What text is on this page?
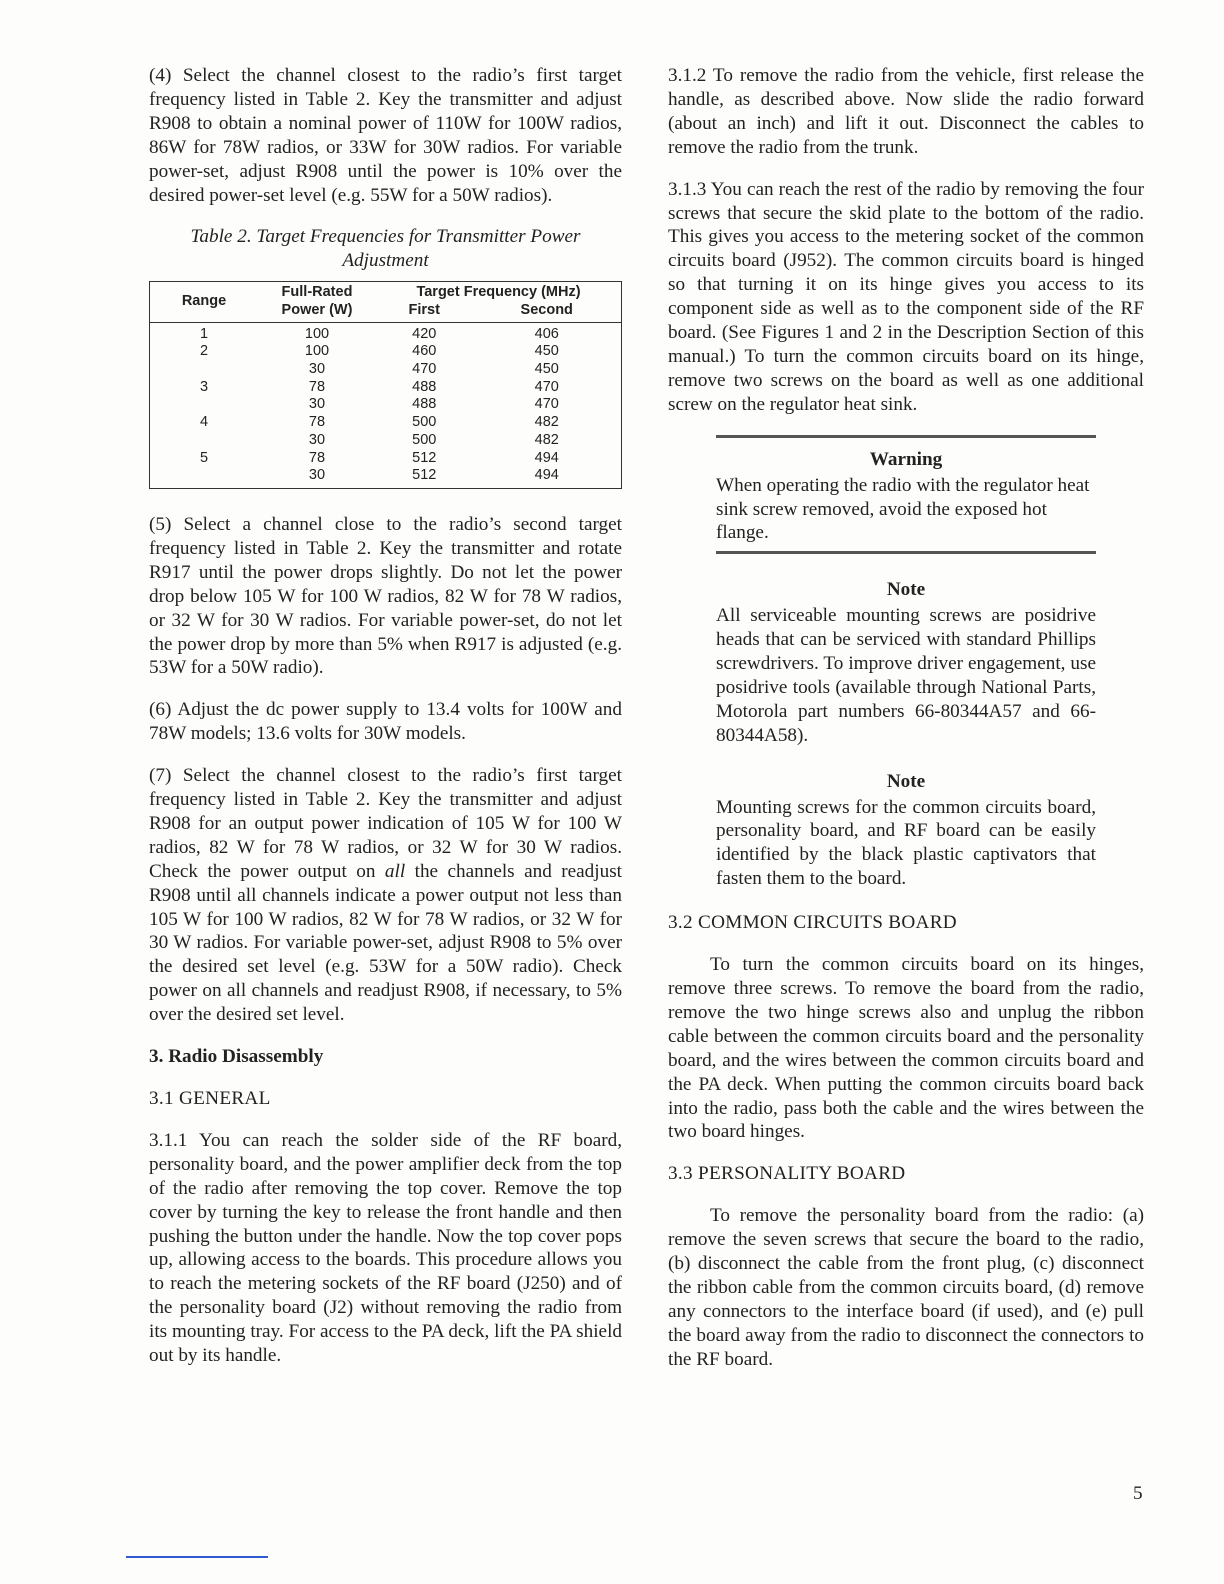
(4) Select the channel closest to the radio’s first target frequency listed in Table 2. Key the transmitter and adjust R908 to obtain a nominal power of 110W for 100W radios, 86W for 78W radios, or 33W for 30W radios. For variable power-set, adjust R908 until the power is 10% over the desired power-set level (e.g. 55W for a 50W radios).

Table 2. Target Frequencies for Transmitter Power
Adjustment
Range	Full-Rated Power (W)	Target Frequency (MHz)	
		First	Second
1	100	420	406
2	100	460	450
	30	470	450
3	78	488	470
	30	488	470
4	78	500	482
	30	500	482
5	78	512	494
	30	512	494

(5) Select a channel close to the radio’s second target frequency listed in Table 2. Key the transmitter and rotate R917 until the power drops slightly. Do not let the power drop below 105 W for 100 W radios, 82 W for 78 W radios, or 32 W for 30 W radios. For variable power-set, do not let the power drop by more than 5% when R917 is adjusted (e.g. 53W for a 50W radio).

(6) Adjust the dc power supply to 13.4 volts for 100W and 78W models; 13.6 volts for 30W models.

(7) Select the channel closest to the radio’s first target frequency listed in Table 2. Key the transmitter and adjust R908 for an output power indication of 105 W for 100 W radios, 82 W for 78 W radios, or 32 W for 30 W radios. Check the power output on all the channels and readjust R908 until all channels indicate a power output not less than 105 W for 100 W radios, 82 W for 78 W radios, or 32 W for 30 W radios. For variable power-set, adjust R908 to 5% over the desired set level (e.g. 53W for a 50W radio). Check power on all channels and readjust R908, if necessary, to 5% over the desired set level.

3. Radio Disassembly

3.1 GENERAL

3.1.1 You can reach the solder side of the RF board, personality board, and the power amplifier deck from the top of the radio after removing the top cover. Remove the top cover by turning the key to release the front handle and then pushing the button under the handle. Now the top cover pops up, allowing access to the boards. This procedure allows you to reach the metering sockets of the RF board (J250) and of the personality board (J2) without removing the radio from its mounting tray. For access to the PA deck, lift the PA shield out by its handle.

3.1.2 To remove the radio from the vehicle, first release the handle, as described above. Now slide the radio forward (about an inch) and lift it out. Disconnect the cables to remove the radio from the trunk.

3.1.3 You can reach the rest of the radio by removing the four screws that secure the skid plate to the bottom of the radio. This gives you access to the metering socket of the common circuits board (J952). The common circuits board is hinged so that turning it on its hinge gives you access to its component side as well as to the component side of the RF board. (See Figures 1 and 2 in the Description Section of this manual.) To turn the common circuits board on its hinge, remove two screws on the board as well as one additional screw on the regulator heat sink.

Warning
When operating the radio with the regulator heat sink screw removed, avoid the exposed hot flange.
Note
All serviceable mounting screws are posidrive heads that can be serviced with standard Phillips screwdrivers. To improve driver engagement, use posidrive tools (available through National Parts, Motorola part numbers 66-80344A57 and 66-80344A58).
Note
Mounting screws for the common circuits board, personality board, and RF board can be easily identified by the black plastic captivators that fasten them to the board.

3.2 COMMON CIRCUITS BOARD

To turn the common circuits board on its hinges, remove three screws. To remove the board from the radio, remove the two hinge screws also and unplug the ribbon cable between the common circuits board and the personality board, and the wires between the common circuits board and the PA deck. When putting the common circuits board back into the radio, pass both the cable and the wires between the two board hinges.

3.3 PERSONALITY BOARD

To remove the personality board from the radio: (a) remove the seven screws that secure the board to the radio, (b) disconnect the cable from the front plug, (c) disconnect the ribbon cable from the common circuits board, (d) remove any connectors to the interface board (if used), and (e) pull the board away from the radio to disconnect the connectors to the RF board.

5
